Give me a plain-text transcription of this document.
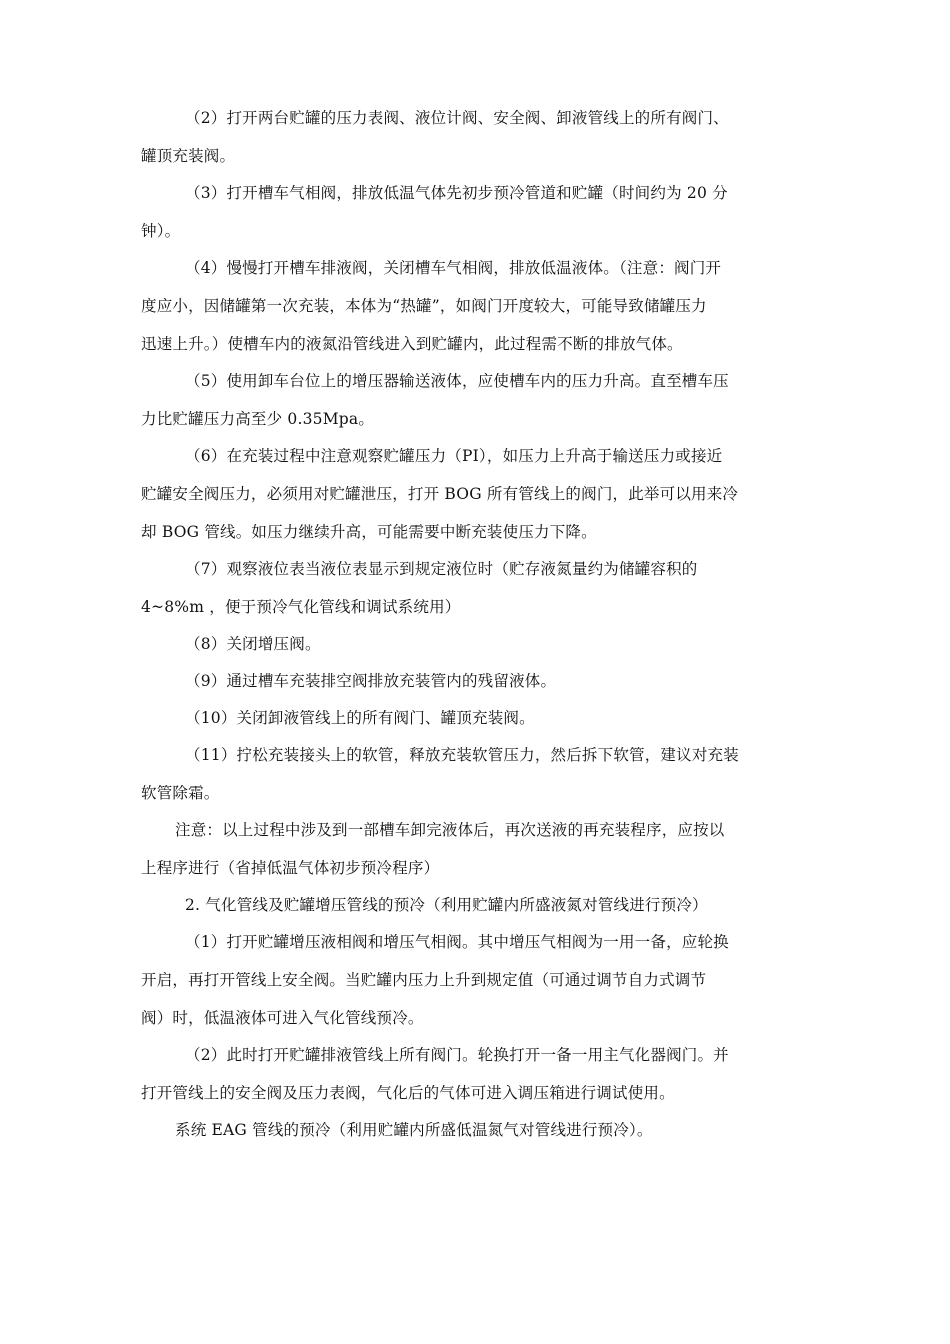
（2）打开两台贮罐的压力表阀、液位计阀、安全阀、卸液管线上的所有阀门、
罐顶充装阀。
（3）打开槽车气相阀，排放低温气体先初步预冷管道和贮罐（时间约为 20 分
钟）。
（4）慢慢打开槽车排液阀，关闭槽车气相阀，排放低温液体。（注意：阀门开
度应小，因储罐第一次充装，本体为“热罐”，如阀门开度较大，可能导致储罐压力
迅速上升。）使槽车内的液氮沿管线进入到贮罐内，此过程需不断的排放气体。
（5）使用卸车台位上的增压器输送液体，应使槽车内的压力升高。直至槽车压
力比贮罐压力高至少 0.35Mpa。
（6）在充装过程中注意观察贮罐压力（PI），如压力上升高于输送压力或接近
贮罐安全阀压力，必须用对贮罐泄压，打开 BOG 所有管线上的阀门，此举可以用来冷
却 BOG 管线。如压力继续升高，可能需要中断充装使压力下降。
（7）观察液位表当液位表显示到规定液位时（贮存液氮量约为储罐容积的
4~8%m ，便于预冷气化管线和调试系统用）
（8）关闭增压阀。
（9）通过槽车充装排空阀排放充装管内的残留液体。
（10）关闭卸液管线上的所有阀门、罐顶充装阀。
（11）拧松充装接头上的软管，释放充装软管压力，然后拆下软管，建议对充装
软管除霜。
注意：以上过程中涉及到一部槽车卸完液体后，再次送液的再充装程序，应按以
上程序进行（省掉低温气体初步预冷程序）
2. 气化管线及贮罐增压管线的预冷（利用贮罐内所盛液氮对管线进行预冷）
（1）打开贮罐增压液相阀和增压气相阀。其中增压气相阀为一用一备，应轮换
开启，再打开管线上安全阀。当贮罐内压力上升到规定值（可通过调节自力式调节
阀）时，低温液体可进入气化管线预冷。
（2）此时打开贮罐排液管线上所有阀门。轮换打开一备一用主气化器阀门。并
打开管线上的安全阀及压力表阀，气化后的气体可进入调压箱进行调试使用。
系统 EAG 管线的预冷（利用贮罐内所盛低温氮气对管线进行预冷）。
